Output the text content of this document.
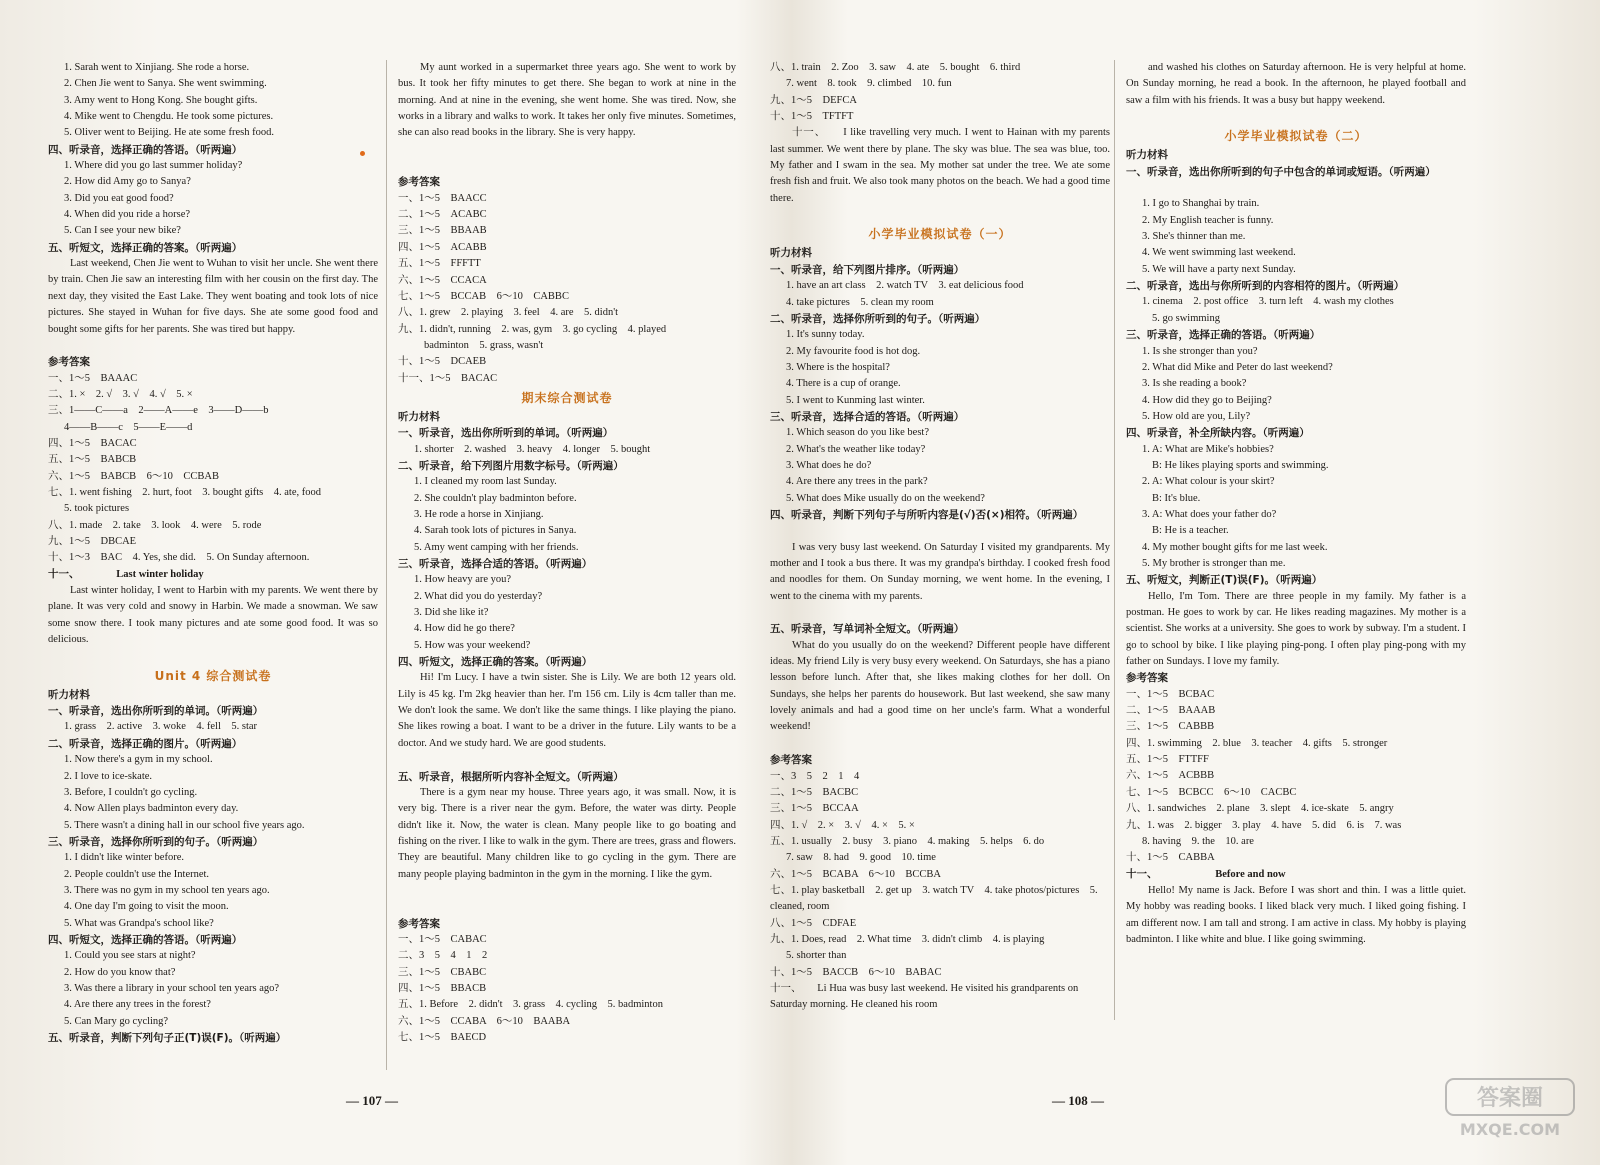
1. Sarah went to Xinjiang. She rode a horse.
2. Chen Jie went to Sanya. She went swimming.
3. Amy went to Hong Kong. She bought gifts.
4. Mike went to Chengdu. He took some pictures.
5. Oliver went to Beijing. He ate some fresh food.
四、听录音，选择正确的答语。（听两遍）
1. Where did you go last summer holiday?
2. How did Amy go to Sanya?
3. Did you eat good food?
4. When did you ride a horse?
5. Can I see your new bike?
五、听短文，选择正确的答案。（听两遍）
Last weekend, Chen Jie went to Wuhan to visit her uncle. She went there by train. Chen Jie saw an interesting film with her cousin on the first day. The next day, they visited the East Lake. They went boating and took lots of nice pictures. She stayed in Wuhan for five days. She ate some good food and bought some gifts for her parents. She was tired but happy.
参考答案
一、1～5　BAAAC
二、1. ×　2. √　3. √　4. √　5. ×
三、1——C——a　2——A——e　3——D——b
4——B——c　5——E——d
四、1～5　BACAC
五、1～5　BABCB
六、1～5　BABCB　6～10　CCBAB
七、1. went fishing　2. hurt, foot　3. bought gifts　4. ate, food
5. took pictures
八、1. made　2. take　3. look　4. were　5. rode
九、1～5　DBCAE
十、1～3　BAC　4. Yes, she did.　5. On Sunday afternoon.
十一、　　　　Last winter holiday
Last winter holiday, I went to Harbin with my parents. We went there by plane. It was very cold and snowy in Harbin. We made a snowman. We saw some snow there. I took many pictures and ate some good food. It was so delicious.
Unit 4 综合测试卷
听力材料
一、听录音，选出你所听到的单词。（听两遍）
1. grass　2. active　3. woke　4. fell　5. star
二、听录音，选择正确的图片。（听两遍）
1. Now there's a gym in my school.
2. I love to ice-skate.
3. Before, I couldn't go cycling.
4. Now Allen plays badminton every day.
5. There wasn't a dining hall in our school five years ago.
三、听录音，选择你所听到的句子。（听两遍）
1. I didn't like winter before.
2. People couldn't use the Internet.
3. There was no gym in my school ten years ago.
4. One day I'm going to visit the moon.
5. What was Grandpa's school like?
四、听短文，选择正确的答语。（听两遍）
1. Could you see stars at night?
2. How do you know that?
3. Was there a library in your school ten years ago?
4. Are there any trees in the forest?
5. Can Mary go cycling?
五、听录音，判断下列句子正(T)误(F)。（听两遍）
My aunt worked in a supermarket three years ago. She went to work by bus. It took her fifty minutes to get there. She began to work at nine in the morning. And at nine in the evening, she went home. She was tired. Now, she works in a library and walks to work. It takes her only five minutes. Sometimes, she can also read books in the library. She is very happy.
参考答案
一、1～5　BAACC
二、1～5　ACABC
三、1～5　BBAAB
四、1～5　ACABB
五、1～5　FFFTT
六、1～5　CCACA
七、1～5　BCCAB　6～10　CABBC
八、1. grew　2. playing　3. feel　4. are　5. didn't
九、1. didn't, running　2. was, gym　3. go cycling　4. played
badminton　5. grass, wasn't
十、1～5　DCAEB
十一、1～5　BACAC
期末综合测试卷
听力材料
一、听录音，选出你所听到的单词。（听两遍）
1. shorter　2. washed　3. heavy　4. longer　5. bought
二、听录音，给下列图片用数字标号。（听两遍）
1. I cleaned my room last Sunday.
2. She couldn't play badminton before.
3. He rode a horse in Xinjiang.
4. Sarah took lots of pictures in Sanya.
5. Amy went camping with her friends.
三、听录音，选择合适的答语。（听两遍）
1. How heavy are you?
2. What did you do yesterday?
3. Did she like it?
4. How did he go there?
5. How was your weekend?
四、听短文，选择正确的答案。（听两遍）
Hi! I'm Lucy. I have a twin sister. She is Lily. We are both 12 years old. Lily is 45 kg. I'm 2kg heavier than her. I'm 156 cm. Lily is 4cm taller than me. We don't look the same. We don't like the same things. I like playing the piano. She likes rowing a boat. I want to be a driver in the future. Lily wants to be a doctor. And we study hard. We are good students.
五、听录音，根据所听内容补全短文。（听两遍）
There is a gym near my house. Three years ago, it was small. Now, it is very big. There is a river near the gym. Before, the water was dirty. People didn't like it. Now, the water is clean. Many people like to go boating and fishing on the river. I like to walk in the gym. There are trees, grass and flowers. They are beautiful. Many children like to go cycling in the gym. There are many people playing badminton in the gym in the morning. I like the gym.
参考答案
一、1～5　CABAC
二、3　5　4　1　2
三、1～5　CBABC
四、1～5　BBACB
五、1. Before　2. didn't　3. grass　4. cycling　5. badminton
六、1～5　CCABA　6～10　BAABA
七、1～5　BAECD
八、1. train　2. Zoo　3. saw　4. ate　5. bought　6. third
7. went　8. took　9. climbed　10. fun
九、1～5　DEFCA
十、1～5　TFTFT
十一、　　I like travelling very much. I went to Hainan with my parents last summer. We went there by plane. The sky was blue. The sea was blue, too. My father and I swam in the sea. My mother sat under the tree. We ate some fresh fish and fruit. We also took many photos on the beach. We had a good time there.
小学毕业模拟试卷（一）
听力材料
一、听录音，给下列图片排序。（听两遍）
1. have an art class　2. watch TV　3. eat delicious food
4. take pictures　5. clean my room
二、听录音，选择你所听到的句子。（听两遍）
1. It's sunny today.
2. My favourite food is hot dog.
3. Where is the hospital?
4. There is a cup of orange.
5. I went to Kunming last winter.
三、听录音，选择合适的答语。（听两遍）
1. Which season do you like best?
2. What's the weather like today?
3. What does he do?
4. Are there any trees in the park?
5. What does Mike usually do on the weekend?
四、听录音，判断下列句子与所听内容是(√)否(×)相符。（听两遍）
I was very busy last weekend. On Saturday I visited my grandparents. My mother and I took a bus there. It was my grandpa's birthday. I cooked fresh food and noodles for them. On Sunday morning, we went home. In the evening, I went to the cinema with my parents.
五、听录音，写单词补全短文。（听两遍）
What do you usually do on the weekend? Different people have different ideas. My friend Lily is very busy every weekend. On Saturdays, she has a piano lesson before lunch. After that, she likes making clothes for her doll. On Sundays, she helps her parents do housework. But last weekend, she saw many lovely animals and had a good time on her uncle's farm. What a wonderful weekend!
参考答案
一、3　5　2　1　4
二、1～5　BACBC
三、1～5　BCCAA
四、1. √　2. ×　3. √　4. ×　5. ×
五、1. usually　2. busy　3. piano　4. making　5. helps　6. do
7. saw　8. had　9. good　10. time
六、1～5　BCABA　6～10　BCCBA
七、1. play basketball　2. get up　3. watch TV　4. take photos/pictures　5. cleaned, room
八、1～5　CDFAE
九、1. Does, read　2. What time　3. didn't climb　4. is playing
5. shorter than
十、1～5　BACCB　6～10　BABAC
十一、　　Li Hua was busy last weekend. He visited his grandparents on Saturday morning. He cleaned his room
and washed his clothes on Saturday afternoon. He is very helpful at home. On Sunday morning, he read a book. In the afternoon, he played football and saw a film with his friends. It was a busy but happy weekend.
小学毕业模拟试卷（二）
听力材料
一、听录音，选出你所听到的句子中包含的单词或短语。（听两遍）
1. I go to Shanghai by train.
2. My English teacher is funny.
3. She's thinner than me.
4. We went swimming last weekend.
5. We will have a party next Sunday.
二、听录音，选出与你所听到的内容相符的图片。（听两遍）
1. cinema　2. post office　3. turn left　4. wash my clothes
5. go swimming
三、听录音，选择正确的答语。（听两遍）
1. Is she stronger than you?
2. What did Mike and Peter do last weekend?
3. Is she reading a book?
4. How did they go to Beijing?
5. How old are you, Lily?
四、听录音，补全所缺内容。（听两遍）
1. A: What are Mike's hobbies?
B: He likes playing sports and swimming.
2. A: What colour is your skirt?
B: It's blue.
3. A: What does your father do?
B: He is a teacher.
4. My mother bought gifts for me last week.
5. My brother is stronger than me.
五、听短文，判断正(T)误(F)。（听两遍）
Hello, I'm Tom. There are three people in my family. My father is a postman. He goes to work by car. He likes reading magazines. My mother is a scientist. She works at a university. She goes to work by subway. I'm a student. I go to school by bike. I like playing ping-pong. I often play ping-pong with my father on Sundays. I love my family.
参考答案
一、1～5　BCBAC
二、1～5　BAAAB
三、1～5　CABBB
四、1. swimming　2. blue　3. teacher　4. gifts　5. stronger
五、1～5　FTTFF
六、1～5　ACBBB
七、1～5　BCBCC　6～10　CACBC
八、1. sandwiches　2. plane　3. slept　4. ice-skate　5. angry
九、1. was　2. bigger　3. play　4. have　5. did　6. is　7. was
8. having　9. the　10. are
十、1～5　CABBA
十一、　　　　　　Before and now
Hello! My name is Jack. Before I was short and thin. I was a little quiet. My hobby was reading books. I liked black very much. I liked going fishing. I am different now. I am tall and strong. I am active in class. My hobby is playing badminton. I like white and blue. I like going swimming.
— 107 —	— 108 —	答案圈
MXQE.COM
